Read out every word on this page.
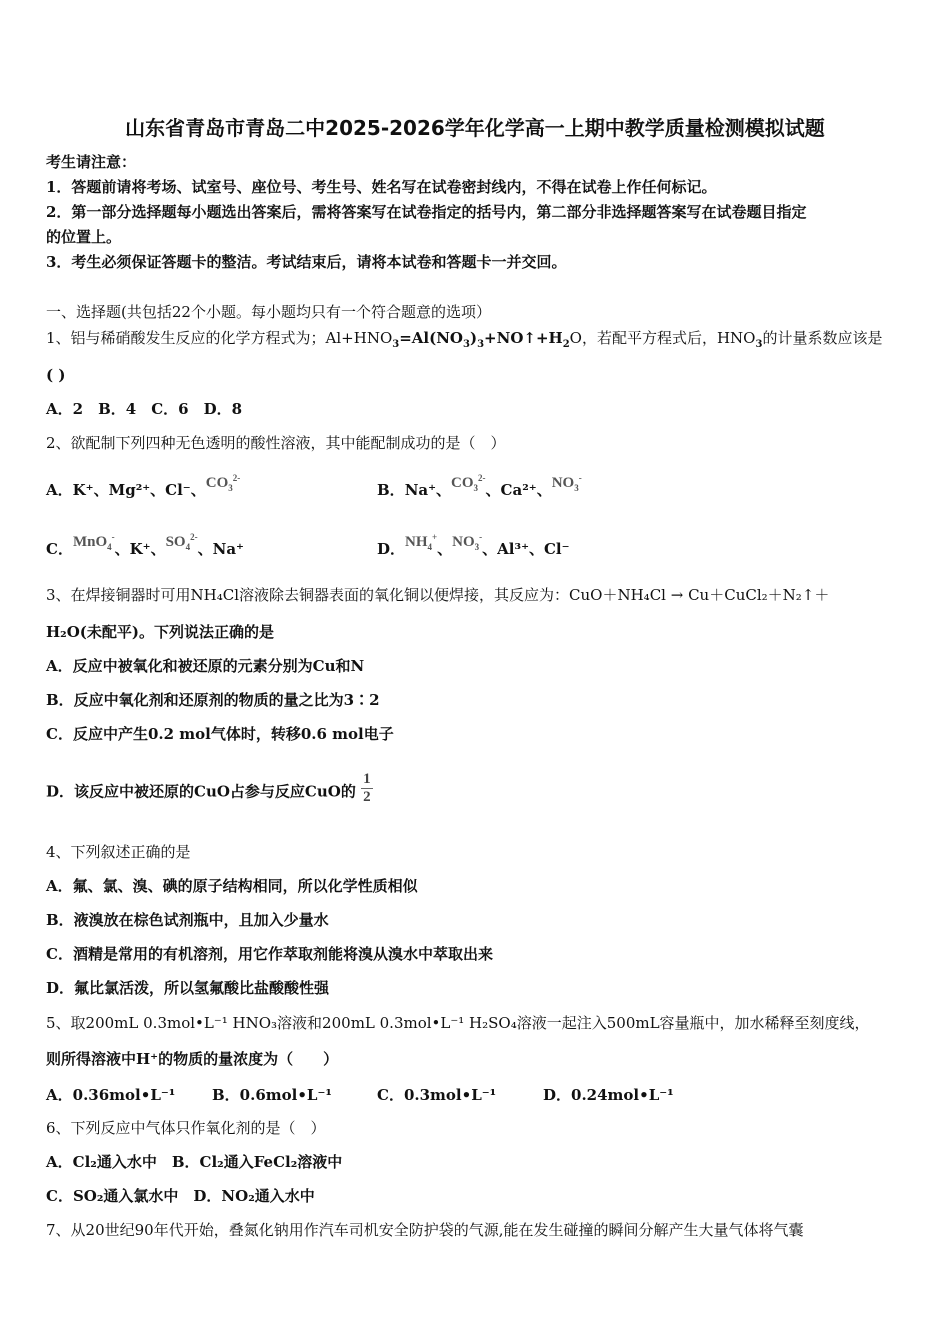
山东省青岛市青岛二中2025-2026学年化学高一上期中教学质量检测模拟试题
考生请注意：
1．答题前请将考场、试室号、座位号、考生号、姓名写在试卷密封线内，不得在试卷上作任何标记。
2．第一部分选择题每小题选出答案后，需将答案写在试卷指定的括号内，第二部分非选择题答案写在试卷题目指定
的位置上。
3．考生必须保证答题卡的整洁。考试结束后，请将本试卷和答题卡一并交回。
一、选择题(共包括22个小题。每小题均只有一个符合题意的选项）
1、铝与稀硝酸发生反应的化学方程式为；$Al+HNO_3=Al(NO_3)_3+NO↑+H_2O$，若配平方程式后，$HNO_3$的计量系数应该是
( )
A．2　B．4　C．6　D．8
2、欲配制下列四种无色透明的酸性溶液，其中能配制成功的是（　）
A．K⁺、Mg²⁺、Cl⁻、$CO_3^{2-}$
B．Na⁺、$CO_3^{2-}$、Ca²⁺、$NO_3^-$
C．MnO$_4$-、K⁺、$SO_4^{2-}$、Na⁺	D．$NH_4^+$、$NO_3^-$、Al³⁺、Cl⁻
3、在焊接铜器时可用NH₄Cl溶液除去铜器表面的氧化铜以便焊接，其反应为：CuO＋NH₄Cl → Cu＋CuCl₂＋N₂↑＋
H₂O(未配平)。下列说法正确的是
A．反应中被氧化和被还原的元素分别为Cu和N
B．反应中氧化剂和还原剂的物质的量之比为3∶2
C．反应中产生0.2 mol气体时，转移0.6 mol电子
D．该反应中被还原的CuO占参与反应CuO的 $\frac{1}{2}$
4、下列叙述正确的是
A．氟、氯、溴、碘的原子结构相同，所以化学性质相似
B．液溴放在棕色试剂瓶中，且加入少量水
C．酒精是常用的有机溶剂，用它作萃取剂能将溴从溴水中萃取出来
D．氟比氯活泼，所以氢氟酸比盐酸酸性强
5、取200mL 0.3mol•L⁻¹ HNO₃溶液和200mL 0.3mol•L⁻¹ H₂SO₄溶液一起注入500mL容量瓶中，加水稀释至刻度线，
则所得溶液中H⁺的物质的量浓度为（　　）
A．0.36mol•L⁻¹ B．0.6mol•L⁻¹	C．0.3mol•L⁻¹	D．0.24mol•L⁻¹
6、下列反应中气体只作氧化剂的是（　）
A．Cl₂通入水中　B．Cl₂通入FeCl₂溶液中
C．SO₂通入氯水中　D．NO₂通入水中
7、从20世纪90年代开始，叠氮化钠用作汽车司机安全防护袋的气源,能在发生碰撞的瞬间分解产生大量气体将气囊
